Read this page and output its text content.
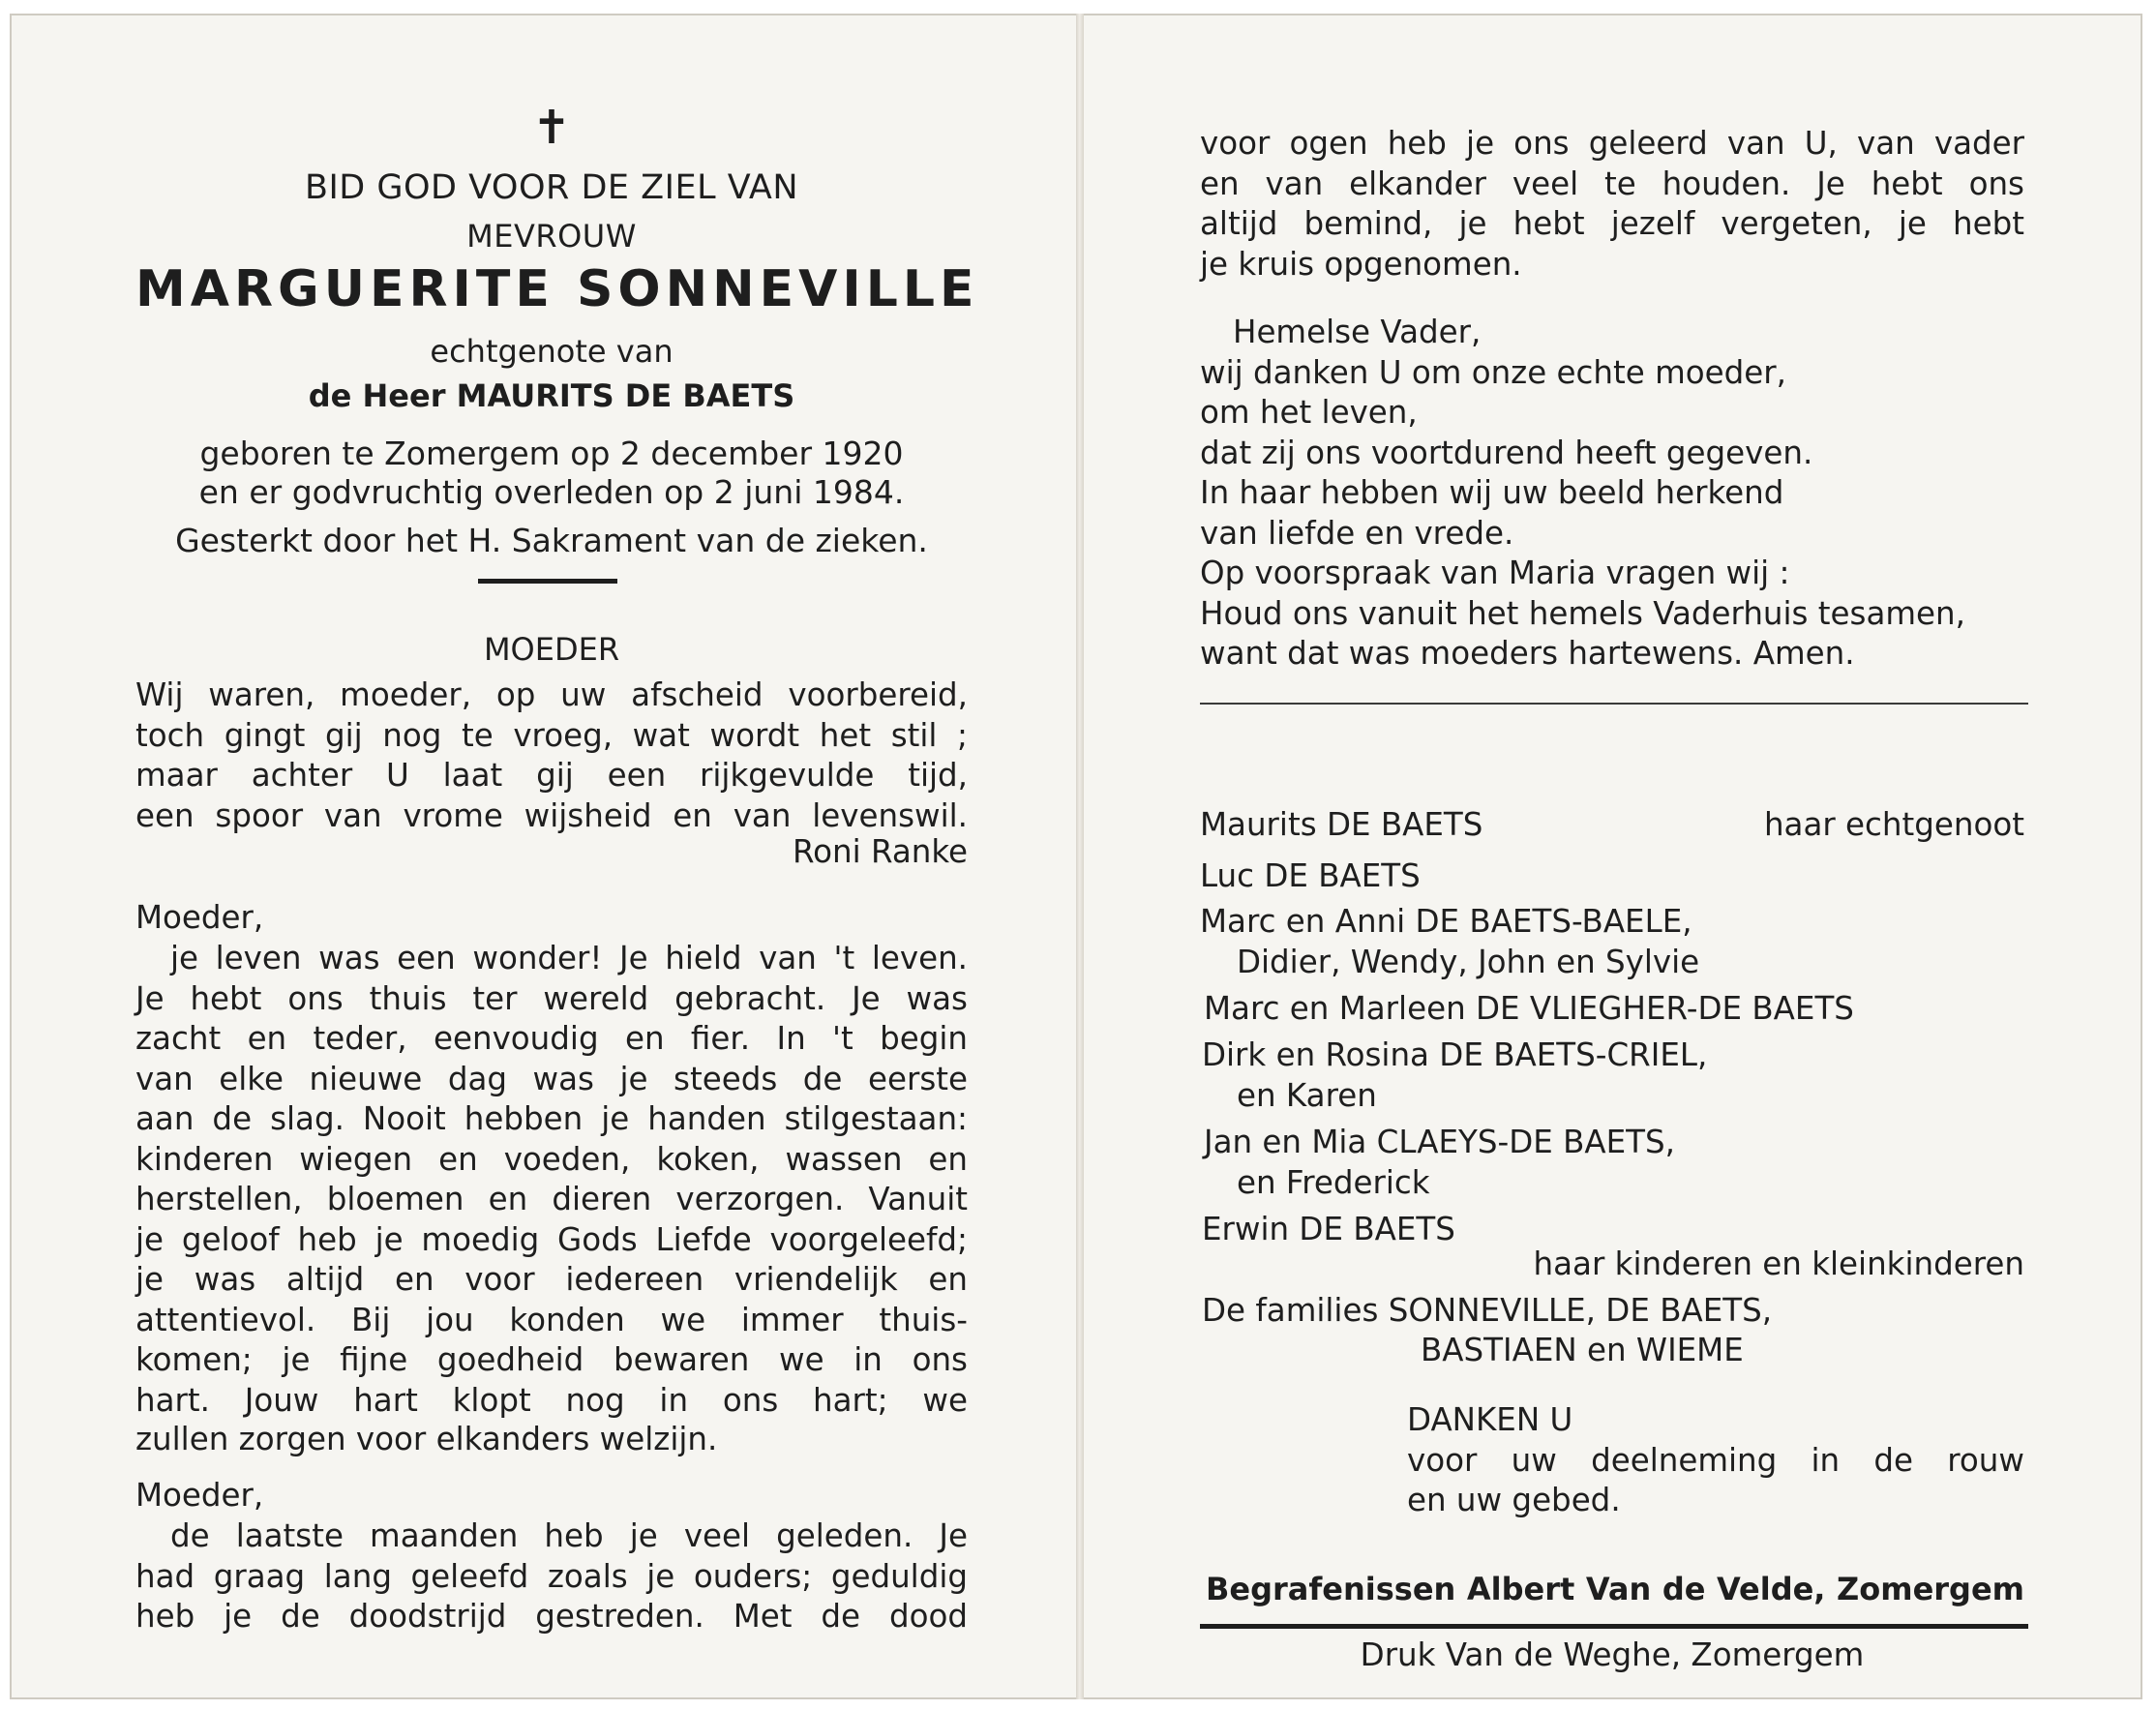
✝

BID GOD VOOR DE ZIEL VAN

MEVROUW

MARGUERITE SONNEVILLE

echtgenote van

de Heer MAURITS DE BAETS

geboren te Zomergem op 2 december 1920

en er godvruchtig overleden op 2 juni 1984.

Gesterkt door het H. Sakrament van de zieken.

MOEDER

Wij waren, moeder, op uw afscheid voorbereid,
toch gingt gij nog te vroeg, wat wordt het stil ;
maar achter U laat gij een rijkgevulde tijd,
een spoor van vrome wijsheid en van levenswil.

Roni Ranke

Moeder,

je leven was een wonder! Je hield van 't leven.
Je hebt ons thuis ter wereld gebracht. Je was
zacht en teder, eenvoudig en fier. In 't begin
van elke nieuwe dag was je steeds de eerste
aan de slag. Nooit hebben je handen stilgestaan:
kinderen wiegen en voeden, koken, wassen en
herstellen, bloemen en dieren verzorgen. Vanuit
je geloof heb je moedig Gods Liefde voorgeleefd;
je was altijd en voor iedereen vriendelijk en
attentievol. Bij jou konden we immer thuis-
komen; je fijne goedheid bewaren we in ons
hart. Jouw hart klopt nog in ons hart; we

zullen zorgen voor elkanders welzijn.

Moeder,

de laatste maanden heb je veel geleden. Je
had graag lang geleefd zoals je ouders; geduldig
heb je de doodstrijd gestreden. Met de dood
voor ogen heb je ons geleerd van U, van vader
en van elkander veel te houden. Je hebt ons
altijd bemind, je hebt jezelf vergeten, je hebt

je kruis opgenomen.

Hemelse Vader,
wij danken U om onze echte moeder,
om het leven,
dat zij ons voortdurend heeft gegeven.
In haar hebben wij uw beeld herkend
van liefde en vrede.
Op voorspraak van Maria vragen wij :
Houd ons vanuit het hemels Vaderhuis tesamen,
want dat was moeders hartewens. Amen.

Maurits DE BAETS	haar echtgenoot

Luc DE BAETS

Marc en Anni DE BAETS-BAELE,

Didier, Wendy, John en Sylvie

Marc en Marleen DE VLIEGHER-DE BAETS

Dirk en Rosina DE BAETS-CRIEL,

en Karen

Jan en Mia CLAEYS-DE BAETS,

en Frederick

Erwin DE BAETS

haar kinderen en kleinkinderen

De families SONNEVILLE, DE BAETS,

BASTIAEN en WIEME

DANKEN U

voor uw deelneming in de rouw

en uw gebed.

Begrafenissen Albert Van de Velde, Zomergem

Druk Van de Weghe, Zomergem
